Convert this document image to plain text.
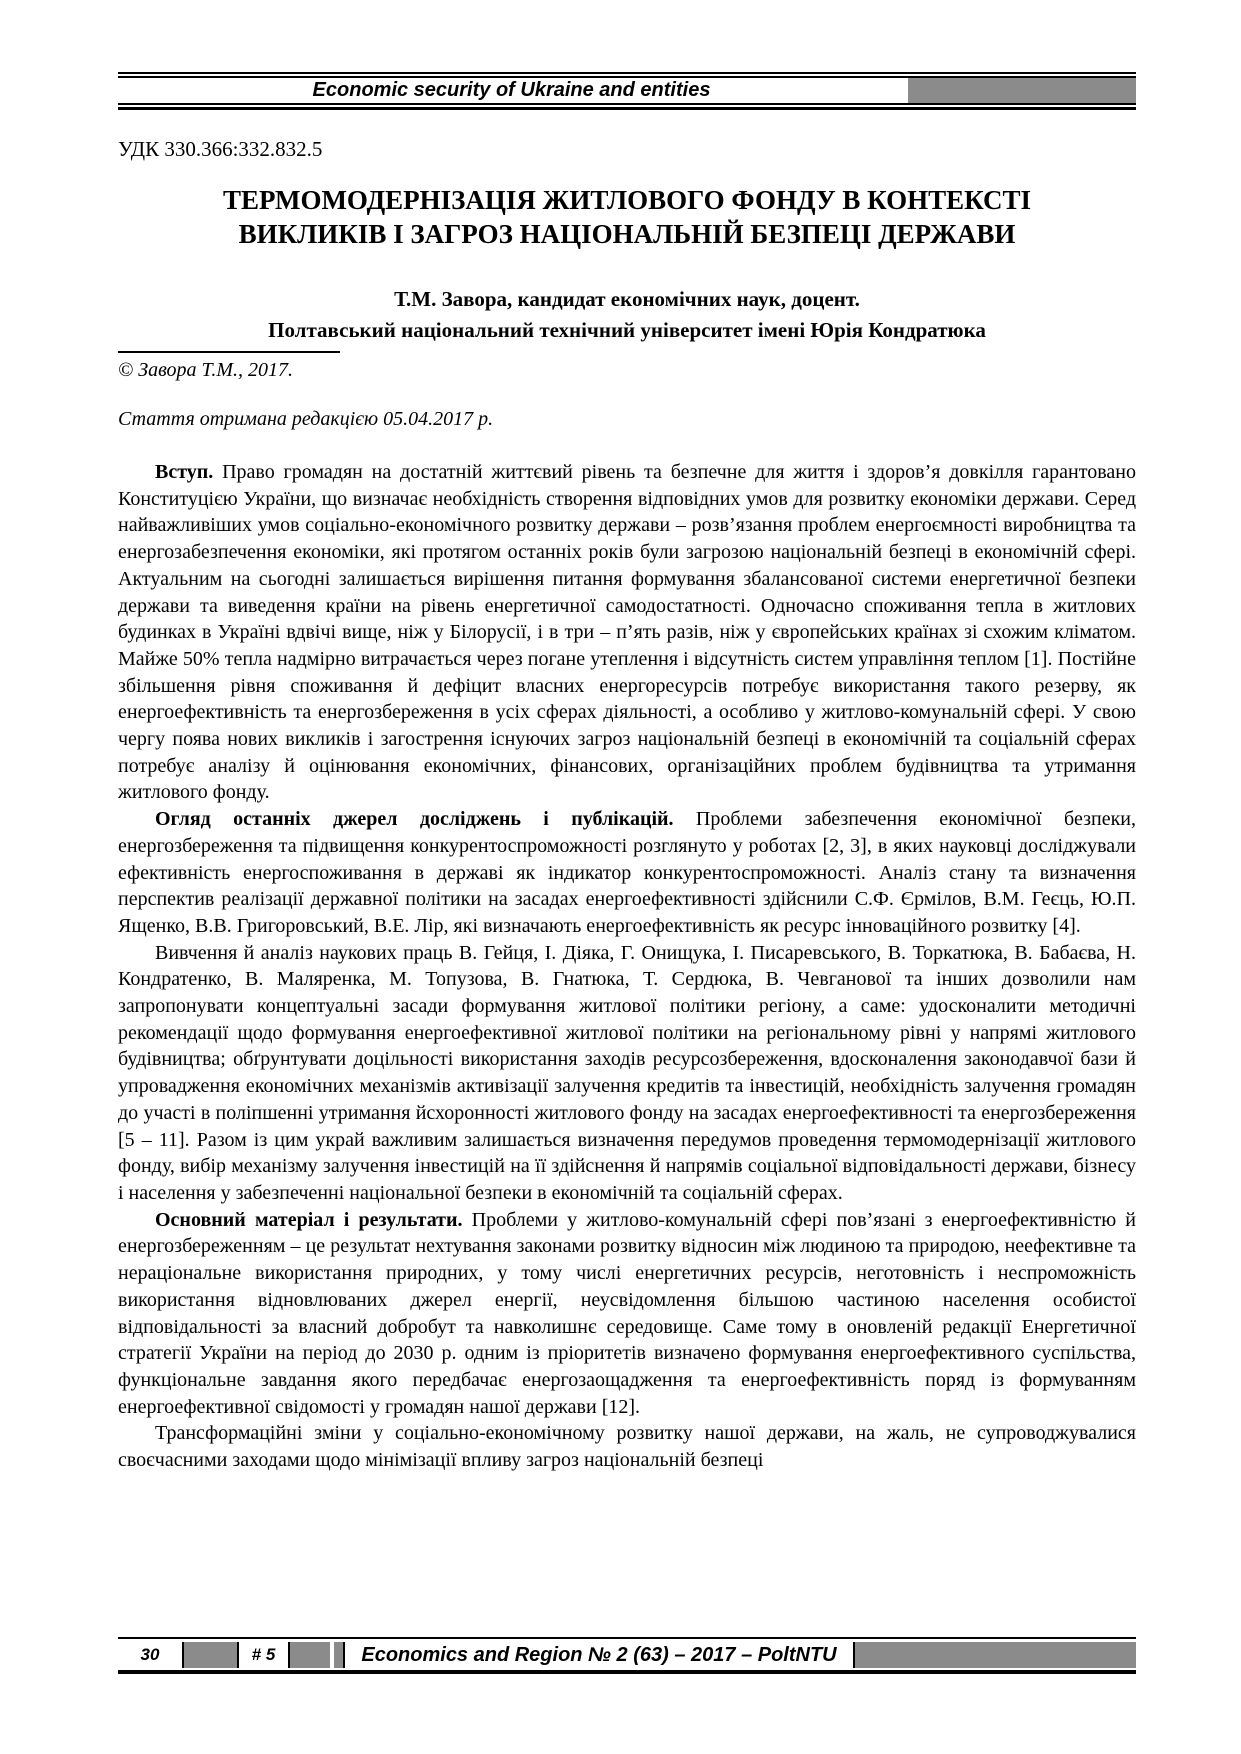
Economic security of Ukraine and entities
УДК 330.366:332.832.5
ТЕРМОМОДЕРНІЗАЦІЯ ЖИТЛОВОГО ФОНДУ В КОНТЕКСТІ
ВИКЛИКІВ І ЗАГРОЗ НАЦІОНАЛЬНІЙ БЕЗПЕЦІ ДЕРЖАВИ
Т.М. Завора, кандидат економічних наук, доцент.
Полтавський національний технічний університет імені Юрія Кондратюка
© Завора Т.М., 2017.
Стаття отримана редакцією 05.04.2017 р.

Вступ. Право громадян на достатній життєвий рівень та безпечне для життя і здоров’я довкілля гарантовано Конституцією України, що визначає необхідність створення відповідних умов для розвитку економіки держави. Серед найважливіших умов соціально-економічного розвитку держави – розв’язання проблем енергоємності виробництва та енергозабезпечення економіки, які протягом останніх років були загрозою національній безпеці в економічній сфері. Актуальним на сьогодні залишається вирішення питання формування збалансованої системи енергетичної безпеки держави та виведення країни на рівень енергетичної самодостатності. Одночасно споживання тепла в житлових будинках в Україні вдвічі вище, ніж у Білорусії, і в три – п’ять разів, ніж у європейських країнах зі схожим кліматом. Майже 50% тепла надмірно витрачається через погане утеплення і відсутність систем управління теплом [1]. Постійне збільшення рівня споживання й дефіцит власних енергоресурсів потребує використання такого резерву, як енергоефективність та енергозбереження в усіх сферах діяльності, а особливо у житлово-комунальній сфері. У свою чергу поява нових викликів і загострення існуючих загроз національній безпеці в економічній та соціальній сферах потребує аналізу й оцінювання економічних, фінансових, організаційних проблем будівництва та утримання житлового фонду.

Огляд останніх джерел досліджень і публікацій. Проблеми забезпечення економічної безпеки, енергозбереження та підвищення конкурентоспроможності розглянуто у роботах [2, 3], в яких науковці досліджували ефективність енергоспоживання в державі як індикатор конкурентоспроможності. Аналіз стану та визначення перспектив реалізації державної політики на засадах енергоефективності здійснили С.Ф. Єрмілов, В.М. Геєць, Ю.П. Ященко, В.В. Григоровський, В.Е. Лір, які визначають енергоефективність як ресурс інноваційного розвитку [4].

Вивчення й аналіз наукових праць В. Гейця, І. Діяка, Г. Онищука, І. Писаревського, В. Торкатюка, В. Бабаєва, Н. Кондратенко, В. Маляренка, М. Топузова, В. Гнатюка, Т. Сердюка, В. Чевганової та інших дозволили нам запропонувати концептуальні засади формування житлової політики регіону, а саме: удосконалити методичні рекомендації щодо формування енергоефективної житлової політики на регіональному рівні у напрямі житлового будівництва; обґрунтувати доцільності використання заходів ресурсозбереження, вдосконалення законодавчої бази й упровадження економічних механізмів активізації залучення кредитів та інвестицій, необхідність залучення громадян до участі в поліпшенні утримання йсхоронності житлового фонду на засадах енергоефективності та енергозбереження [5 – 11]. Разом із цим украй важливим залишається визначення передумов проведення термомодернізації житлового фонду, вибір механізму залучення інвестицій на її здійснення й напрямів соціальної відповідальності держави, бізнесу і населення у забезпеченні національної безпеки в економічній та соціальній сферах.

Основний матеріал і результати. Проблеми у житлово-комунальній сфері пов’язані з енергоефективністю й енергозбереженням – це результат нехтування законами розвитку відносин між людиною та природою, неефективне та нераціональне використання природних, у тому числі енергетичних ресурсів, неготовність і неспроможність використання відновлюваних джерел енергії, неусвідомлення більшою частиною населення особистої відповідальності за власний добробут та навколишнє середовище. Саме тому в оновленій редакції Енергетичної стратегії України на період до 2030 р. одним із пріоритетів визначено формування енергоефективного суспільства, функціональне завдання якого передбачає енергозаощадження та енергоефективність поряд із формуванням енергоефективної свідомості у громадян нашої держави [12].

Трансформаційні зміни у соціально-економічному розвитку нашої держави, на жаль, не супроводжувалися своєчасними заходами щодо мінімізації впливу загроз національній безпеці

30	# 5	Economics and Region № 2 (63) – 2017 – PoltNTU
